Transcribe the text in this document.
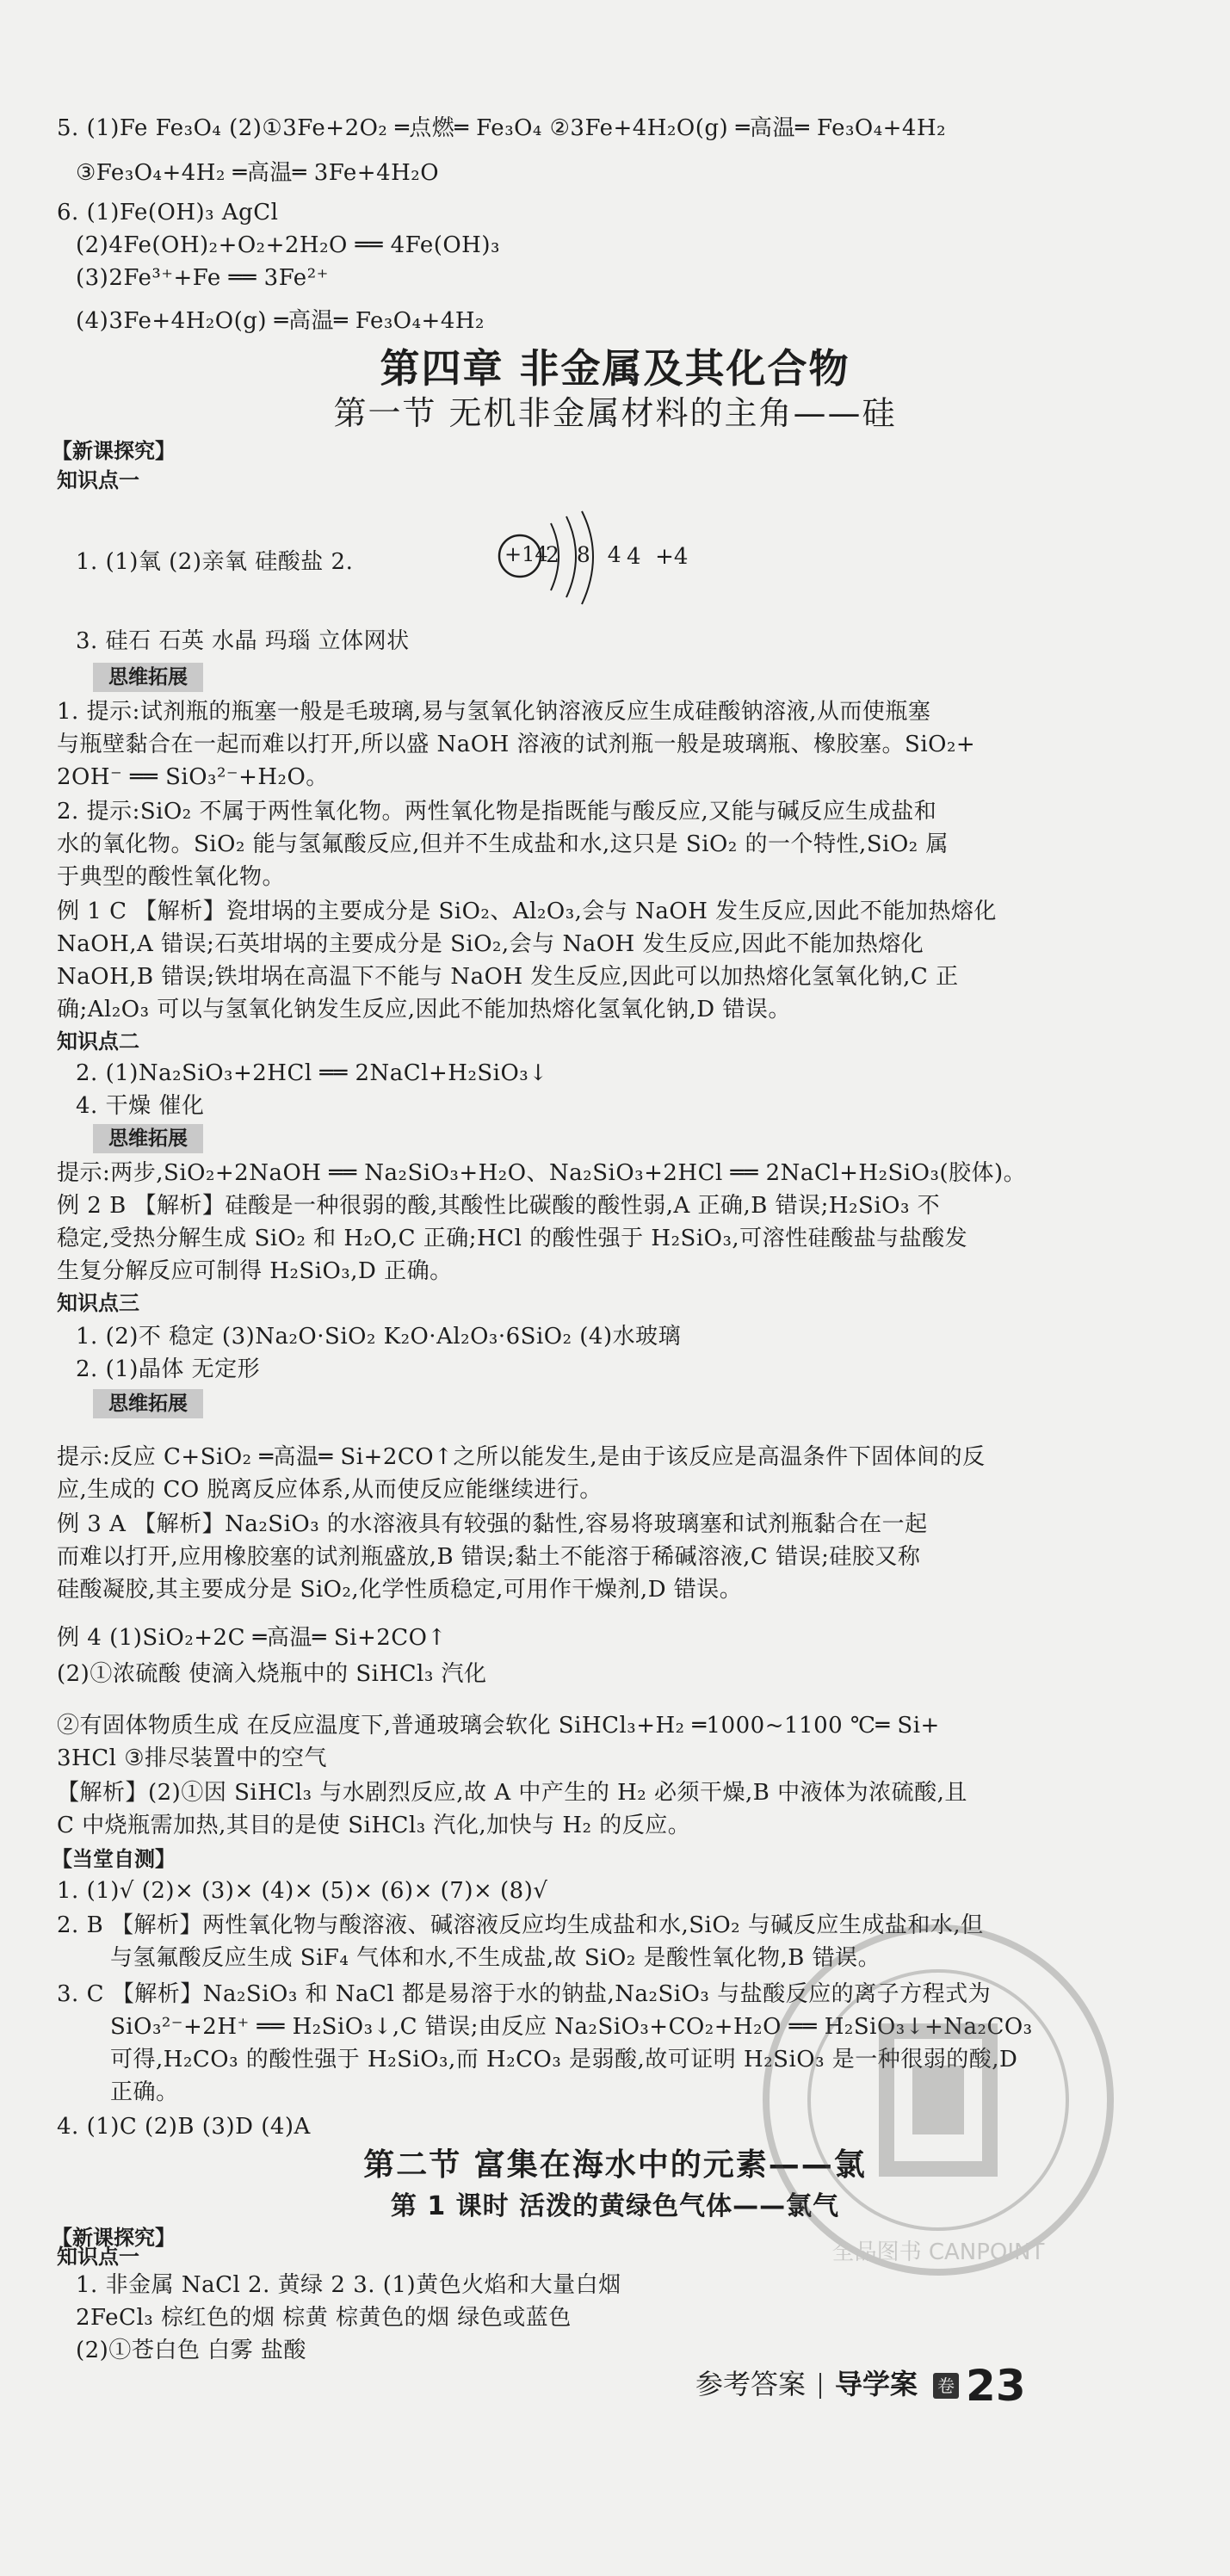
5. (1)Fe Fe₃O₄ (2)①3Fe+2O₂ ═点燃═ Fe₃O₄ ②3Fe+4H₂O(g) ═高温═ Fe₃O₄+4H₂
③Fe₃O₄+4H₂ ═高温═ 3Fe+4H₂O
6. (1)Fe(OH)₃ AgCl
(2)4Fe(OH)₂+O₂+2H₂O ══ 4Fe(OH)₃
(3)2Fe³⁺+Fe ══ 3Fe²⁺
(4)3Fe+4H₂O(g) ═高温═ Fe₃O₄+4H₂
1. (1)氧 (2)亲氧 硅酸盐 2.
3. 硅石 石英 水晶 玛瑙 立体网状
1. 提示:试剂瓶的瓶塞一般是毛玻璃,易与氢氧化钠溶液反应生成硅酸钠溶液,从而使瓶塞
与瓶壁黏合在一起而难以打开,所以盛 NaOH 溶液的试剂瓶一般是玻璃瓶、橡胶塞。SiO₂+
2OH⁻ ══ SiO₃²⁻+H₂O。
2. 提示:SiO₂ 不属于两性氧化物。两性氧化物是指既能与酸反应,又能与碱反应生成盐和
水的氧化物。SiO₂ 能与氢氟酸反应,但并不生成盐和水,这只是 SiO₂ 的一个特性,SiO₂ 属
于典型的酸性氧化物。
例 1 C 【解析】瓷坩埚的主要成分是 SiO₂、Al₂O₃,会与 NaOH 发生反应,因此不能加热熔化
NaOH,A 错误;石英坩埚的主要成分是 SiO₂,会与 NaOH 发生反应,因此不能加热熔化
NaOH,B 错误;铁坩埚在高温下不能与 NaOH 发生反应,因此可以加热熔化氢氧化钠,C 正
确;Al₂O₃ 可以与氢氧化钠发生反应,因此不能加热熔化氢氧化钠,D 错误。
2. (1)Na₂SiO₃+2HCl ══ 2NaCl+H₂SiO₃↓
4. 干燥 催化
提示:两步,SiO₂+2NaOH ══ Na₂SiO₃+H₂O、Na₂SiO₃+2HCl ══ 2NaCl+H₂SiO₃(胶体)。
例 2 B 【解析】硅酸是一种很弱的酸,其酸性比碳酸的酸性弱,A 正确,B 错误;H₂SiO₃ 不
稳定,受热分解生成 SiO₂ 和 H₂O,C 正确;HCl 的酸性强于 H₂SiO₃,可溶性硅酸盐与盐酸发
生复分解反应可制得 H₂SiO₃,D 正确。
1. (2)不 稳定 (3)Na₂O·SiO₂ K₂O·Al₂O₃·6SiO₂ (4)水玻璃
2. (1)晶体 无定形
提示:反应 C+SiO₂ ═高温═ Si+2CO↑之所以能发生,是由于该反应是高温条件下固体间的反
应,生成的 CO 脱离反应体系,从而使反应能继续进行。
例 3 A 【解析】Na₂SiO₃ 的水溶液具有较强的黏性,容易将玻璃塞和试剂瓶黏合在一起
而难以打开,应用橡胶塞的试剂瓶盛放,B 错误;黏土不能溶于稀碱溶液,C 错误;硅胶又称
硅酸凝胶,其主要成分是 SiO₂,化学性质稳定,可用作干燥剂,D 错误。
例 4 (1)SiO₂+2C ═高温═ Si+2CO↑
(2)①浓硫酸 使滴入烧瓶中的 SiHCl₃ 汽化
②有固体物质生成 在反应温度下,普通玻璃会软化 SiHCl₃+H₂ ═1000~1100 ℃═ Si+
3HCl ③排尽装置中的空气
【解析】(2)①因 SiHCl₃ 与水剧烈反应,故 A 中产生的 H₂ 必须干燥,B 中液体为浓硫酸,且
C 中烧瓶需加热,其目的是使 SiHCl₃ 汽化,加快与 H₂ 的反应。
1. (1)√ (2)× (3)× (4)× (5)× (6)× (7)× (8)√
2. B 【解析】两性氧化物与酸溶液、碱溶液反应均生成盐和水,SiO₂ 与碱反应生成盐和水,但
与氢氟酸反应生成 SiF₄ 气体和水,不生成盐,故 SiO₂ 是酸性氧化物,B 错误。
3. C 【解析】Na₂SiO₃ 和 NaCl 都是易溶于水的钠盐,Na₂SiO₃ 与盐酸反应的离子方程式为
SiO₃²⁻+2H⁺ ══ H₂SiO₃↓,C 错误;由反应 Na₂SiO₃+CO₂+H₂O ══ H₂SiO₃↓+Na₂CO₃
可得,H₂CO₃ 的酸性强于 H₂SiO₃,而 H₂CO₃ 是弱酸,故可证明 H₂SiO₃ 是一种很弱的酸,D
正确。
4. (1)C (2)B (3)D (4)A
1. 非金属 NaCl 2. 黄绿 2 3. (1)黄色火焰和大量白烟
2FeCl₃ 棕红色的烟 棕黄 棕黄色的烟 绿色或蓝色
(2)①苍白色 白雾 盐酸
第四章 非金属及其化合物
第一节 无机非金属材料的主角——硅
【新课探究】
知识点一
+14
2 8 4 4  +4
思维拓展
知识点二
思维拓展
知识点三
思维拓展
【当堂自测】
第二节 富集在海水中的元素——氯
第 1 课时 活泼的黄绿色气体——氯气
【新课探究】
知识点一	全品图书 CANPOINT
参考答案 导学案 卷 23
